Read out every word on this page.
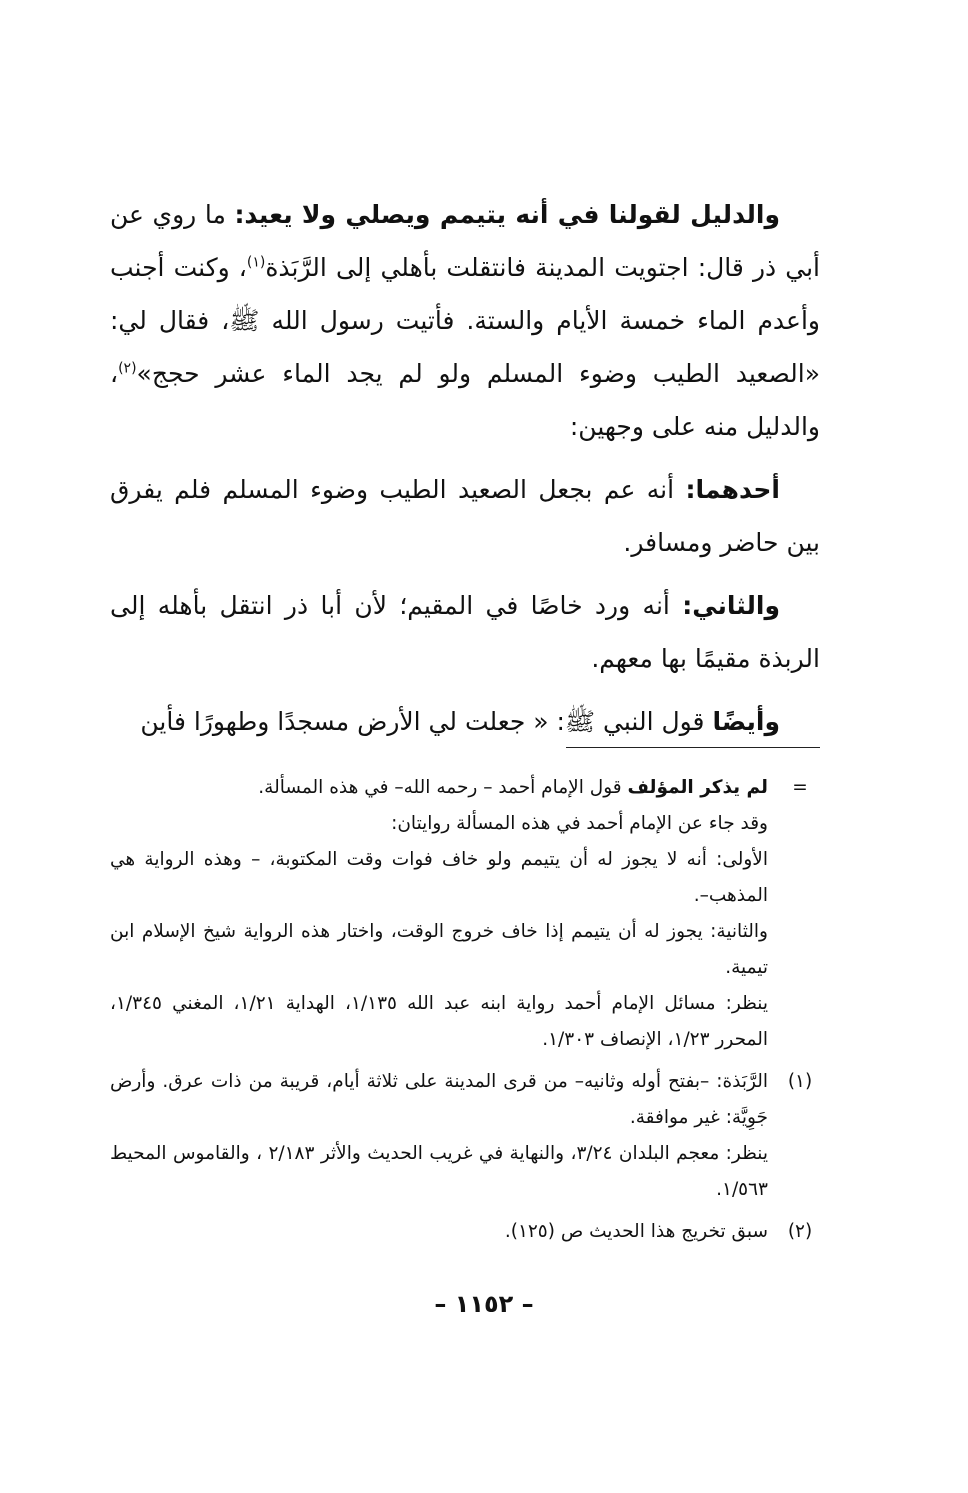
والدليل لقولنا في أنه يتيمم ويصلي ولا يعيد: ما روي عن أبي ذر قال: اجتويت المدينة فانتقلت بأهلي إلى الرَّبَذة$^{(١)}$، وكنت أجنب وأعدم الماء خمسة الأيام والستة. فأتيت رسول الله ﷺ، فقال لي: «الصعيد الطيب وضوء المسلم ولو لم يجد الماء عشر حجج»$^{(٢)}$، والدليل منه على وجهين:

أحدهما: أنه عم بجعل الصعيد الطيب وضوء المسلم فلم يفرق بين حاضر ومسافر.

والثاني: أنه ورد خاصًا في المقيم؛ لأن أبا ذر انتقل بأهله إلى الربذة مقيمًا بها معهم.

وأيضًا قول النبي ﷺ: « جعلت لي الأرض مسجدًا وطهورًا فأين

=

لم يذكر المؤلف قول الإمام أحمد – رحمه الله– في هذه المسألة.

وقد جاء عن الإمام أحمد في هذه المسألة روايتان:

الأولى: أنه لا يجوز له أن يتيمم ولو خاف فوات وقت المكتوبة، – وهذه الرواية هي المذهب–.

والثانية: يجوز له أن يتيمم إذا خاف خروج الوقت، واختار هذه الرواية شيخ الإسلام ابن تيمية.

ينظر: مسائل الإمام أحمد رواية ابنه عبد الله ١/١٣٥، الهداية ١/٢١، المغني ١/٣٤٥، المحرر ١/٢٣، الإنصاف ١/٣٠٣.

(١)

الرَّبَذة: –بفتح أوله وثانيه– من قرى المدينة على ثلاثة أيام، قريبة من ذات عرق. وأرض جَوِيَّة: غير موافقة.

ينظر: معجم البلدان ٣/٢٤، والنهاية في غريب الحديث والأثر ٢/١٨٣ ، والقاموس المحيط ١/٥٦٣.

(٢)

سبق تخريج هذا الحديث ص (١٢٥).

– ١١٥٢ –
